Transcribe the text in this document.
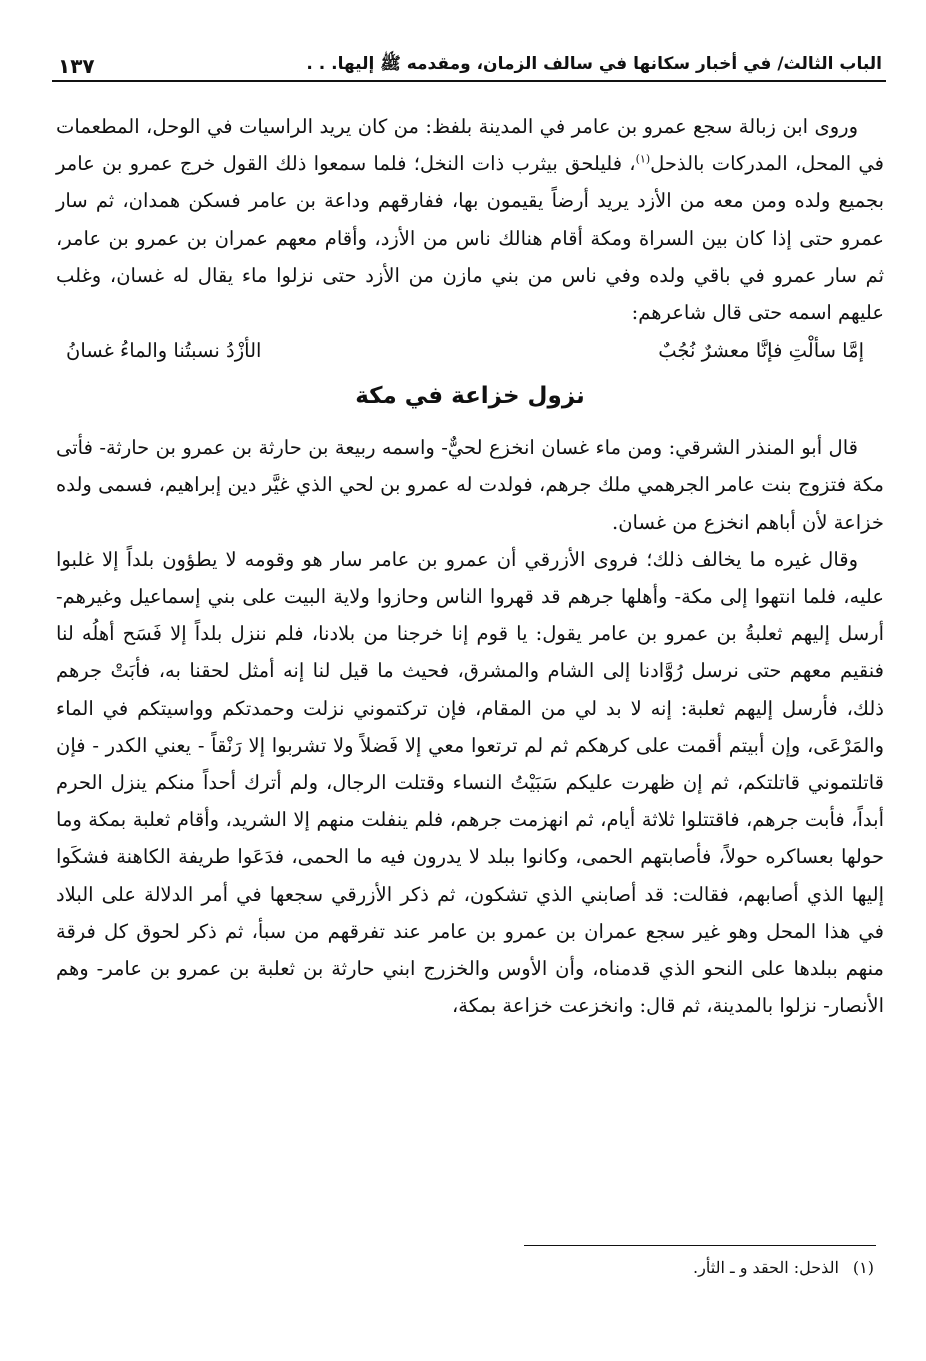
الباب الثالث/ في أخبار سكانها في سالف الزمان، ومقدمه ﷺ إليها. . .
١٣٧

وروى ابن زبالة سجع عمرو بن عامر في المدينة بلفظ: من كان يريد الراسيات في الوحل، المطعمات في المحل، المدركات بالذحل$^{(١)}$، فليلحق بيثرب ذات النخل؛ فلما سمعوا ذلك القول خرج عمرو بن عامر بجميع ولده ومن معه من الأزد يريد أرضاً يقيمون بها، ففارقهم وداعة بن عامر فسكن همدان، ثم سار عمرو حتى إذا كان بين السراة ومكة أقام هنالك ناس من الأزد، وأقام معهم عمران بن عمرو بن عامر، ثم سار عمرو في باقي ولده وفي ناس من بني مازن من الأزد حتى نزلوا ماء يقال له غسان، وغلب عليهم اسمه حتى قال شاعرهم:

إمَّا سألْتِ فإنَّا معشرٌ نُجُبٌ
الأزْدُ نسبتُنا والماءُ غسانُ
نزول خزاعة في مكة

قال أبو المنذر الشرقي: ومن ماء غسان انخزع لحيٌّ- واسمه ربيعة بن حارثة بن عمرو بن حارثة- فأتى مكة فتزوج بنت عامر الجرهمي ملك جرهم، فولدت له عمرو بن لحي الذي غيَّر دين إبراهيم، فسمى ولده خزاعة لأن أباهم انخزع من غسان.

وقال غيره ما يخالف ذلك؛ فروى الأزرقي أن عمرو بن عامر سار هو وقومه لا يطؤون بلداً إلا غلبوا عليه، فلما انتهوا إلى مكة- وأهلها جرهم قد قهروا الناس وحازوا ولاية البيت على بني إسماعيل وغيرهم- أرسل إليهم ثعلبةُ بن عمرو بن عامر يقول: يا قوم إنا خرجنا من بلادنا، فلم ننزل بلداً إلا فَسَح أهلُه لنا فنقيم معهم حتى نرسل رُوَّادنا إلى الشام والمشرق، فحيث ما قيل لنا إنه أمثل لحقنا به، فأبَتْ جرهم ذلك، فأرسل إليهم ثعلبة: إنه لا بد لي من المقام، فإن تركتموني نزلت وحمدتكم وواسيتكم في الماء والمَرْعَى، وإن أبيتم أقمت على كرهكم ثم لم ترتعوا معي إلا فَضلاً ولا تشربوا إلا رَنْقاً - يعني الكدر - فإن قاتلتموني قاتلتكم، ثم إن ظهرت عليكم سَبَيْتُ النساء وقتلت الرجال، ولم أترك أحداً منكم ينزل الحرم أبداً، فأبت جرهم، فاقتتلوا ثلاثة أيام، ثم انهزمت جرهم، فلم ينفلت منهم إلا الشريد، وأقام ثعلبة بمكة وما حولها بعساكره حولاً، فأصابتهم الحمى، وكانوا ببلد لا يدرون فيه ما الحمى، فدَعَوا طريفة الكاهنة فشكَوا إليها الذي أصابهم، فقالت: قد أصابني الذي تشكون، ثم ذكر الأزرقي سجعها في أمر الدلالة على البلاد في هذا المحل وهو غير سجع عمران بن عمرو بن عامر عند تفرقهم من سبأ، ثم ذكر لحوق كل فرقة منهم ببلدها على النحو الذي قدمناه، وأن الأوس والخزرج ابني حارثة بن ثعلبة بن عمرو بن عامر- وهم الأنصار- نزلوا بالمدينة، ثم قال: وانخزعت خزاعة بمكة،

(١)الذحل: الحقد و ـ الثأر.
